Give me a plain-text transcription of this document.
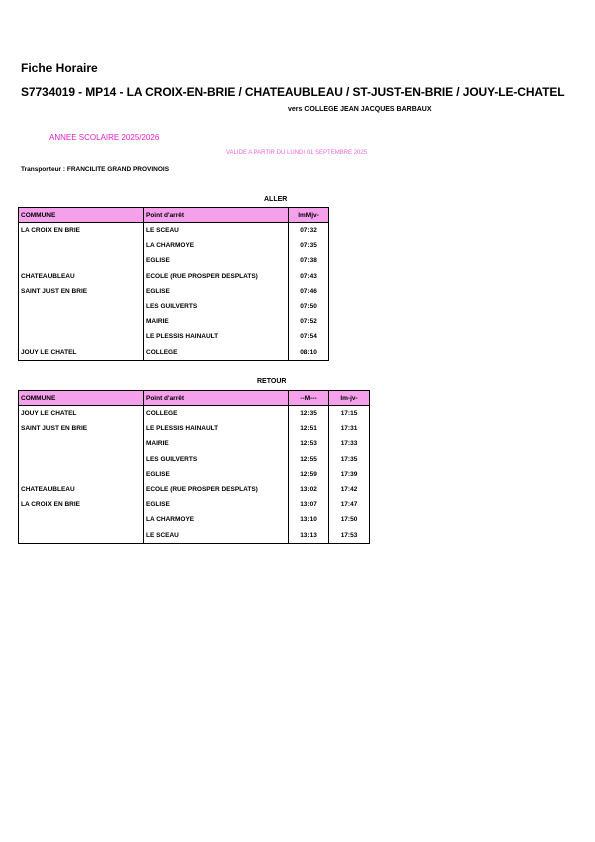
Fiche Horaire
S7734019 - MP14 - LA CROIX-EN-BRIE / CHATEAUBLEAU / ST-JUST-EN-BRIE / JOUY-LE-CHATEL
vers COLLEGE JEAN JACQUES BARBAUX
ANNEE SCOLAIRE 2025/2026
VALIDE A PARTIR DU LUNDI 01 SEPTEMBRE 2025
Transporteur : FRANCILITE GRAND PROVINOIS
ALLER
COMMUNE	Point d'arrêt	lmMjv-
LA CROIX EN BRIE	LE SCEAU	07:32
	LA CHARMOYE	07:35
	EGLISE	07:38
CHATEAUBLEAU	ECOLE (RUE PROSPER DESPLATS)	07:43
SAINT JUST EN BRIE	EGLISE	07:46
	LES GUILVERTS	07:50
	MAIRIE	07:52
	LE PLESSIS HAINAULT	07:54
JOUY LE CHATEL	COLLEGE	08:10
RETOUR
COMMUNE	Point d'arrêt	--M---	lm-jv-
JOUY LE CHATEL	COLLEGE	12:35	17:15
SAINT JUST EN BRIE	LE PLESSIS HAINAULT	12:51	17:31
	MAIRIE	12:53	17:33
	LES GUILVERTS	12:55	17:35
	EGLISE	12:59	17:39
CHATEAUBLEAU	ECOLE (RUE PROSPER DESPLATS)	13:02	17:42
LA CROIX EN BRIE	EGLISE	13:07	17:47
	LA CHARMOYE	13:10	17:50
	LE SCEAU	13:13	17:53
